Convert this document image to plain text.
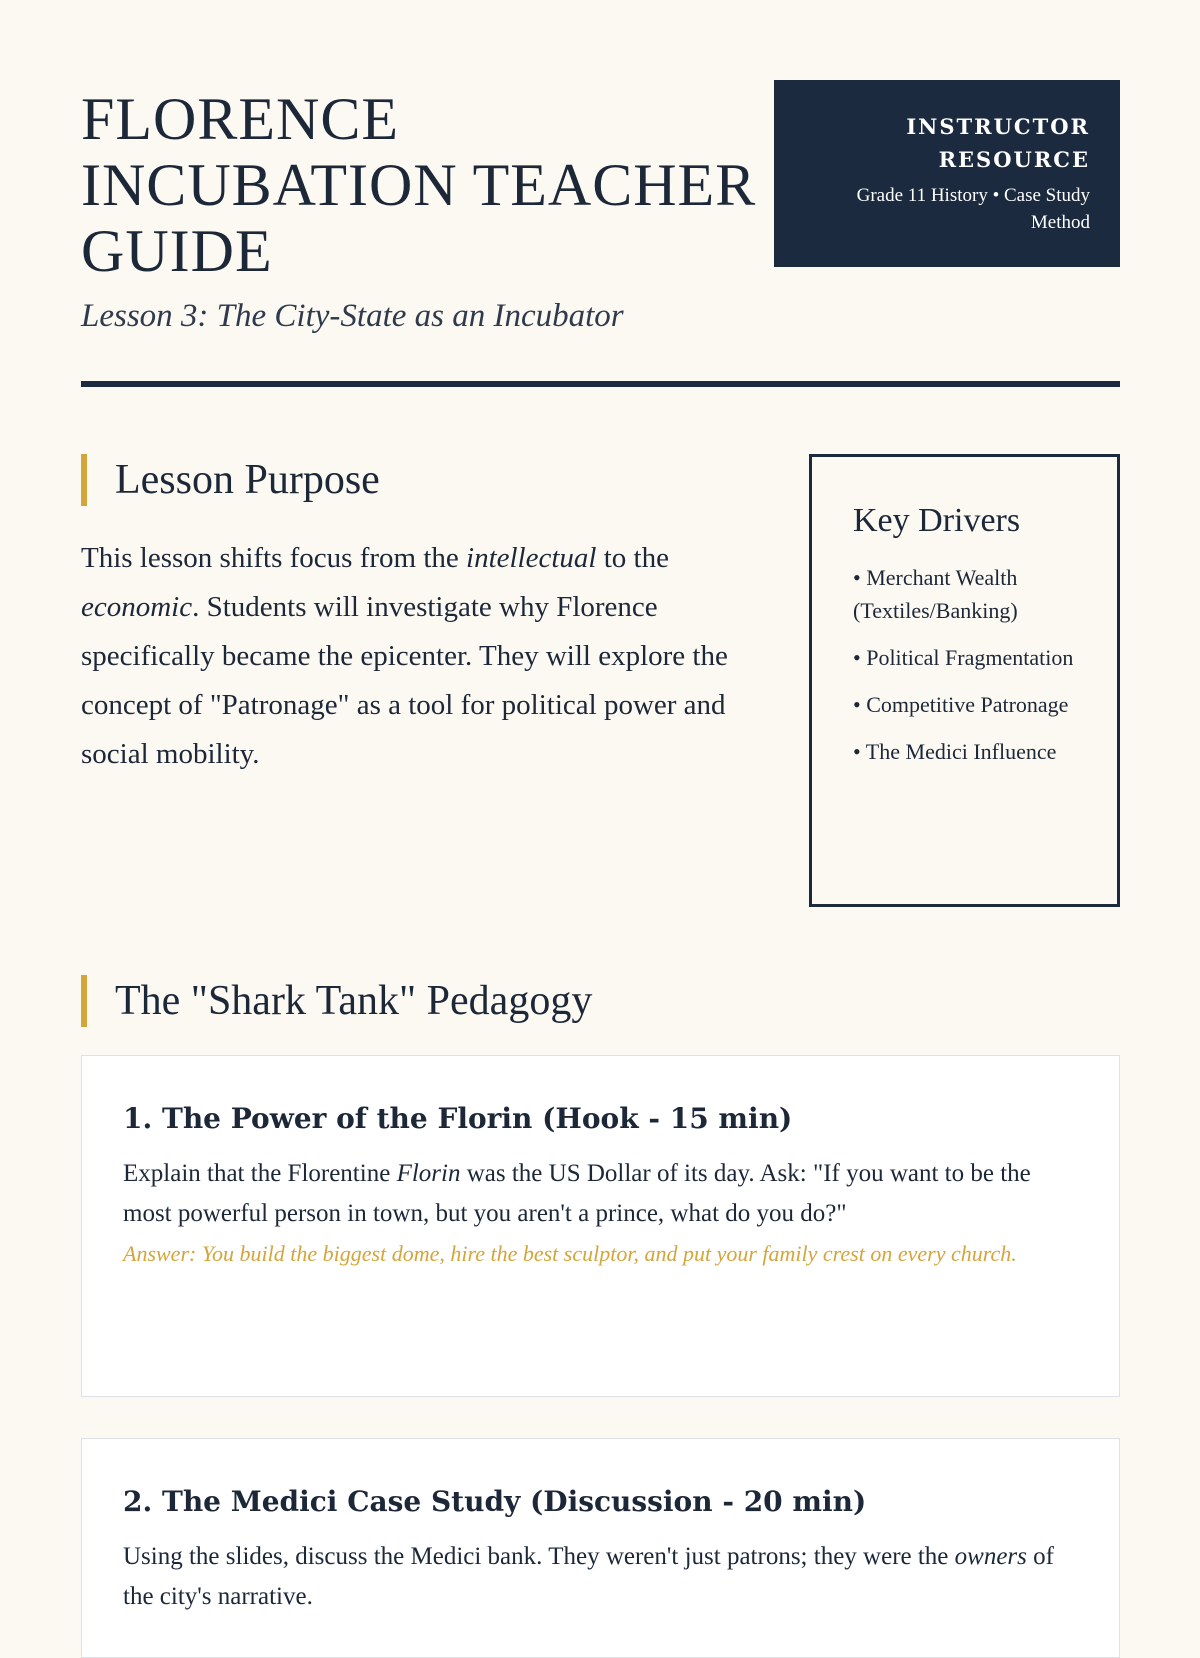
FLORENCE INCUBATION TEACHER GUIDE

Lesson 3: The City-State as an Incubator

INSTRUCTOR RESOURCE
Grade 11 History • Case Study Method
Lesson Purpose

This lesson shifts focus from the intellectual to the economic. Students will investigate why Florence specifically became the epicenter. They will explore the concept of "Patronage" as a tool for political power and social mobility.

Key Drivers
• Merchant Wealth (Textiles/Banking)
• Political Fragmentation
• Competitive Patronage
• The Medici Influence
The "Shark Tank" Pedagogy
1. The Power of the Florin (Hook - 15 min)

Explain that the Florentine Florin was the US Dollar of its day. Ask: "If you want to be the most powerful person in town, but you aren't a prince, what do you do?"

Answer: You build the biggest dome, hire the best sculptor, and put your family crest on every church.

2. The Medici Case Study (Discussion - 20 min)

Using the slides, discuss the Medici bank. They weren't just patrons; they were the owners of the city's narrative.
